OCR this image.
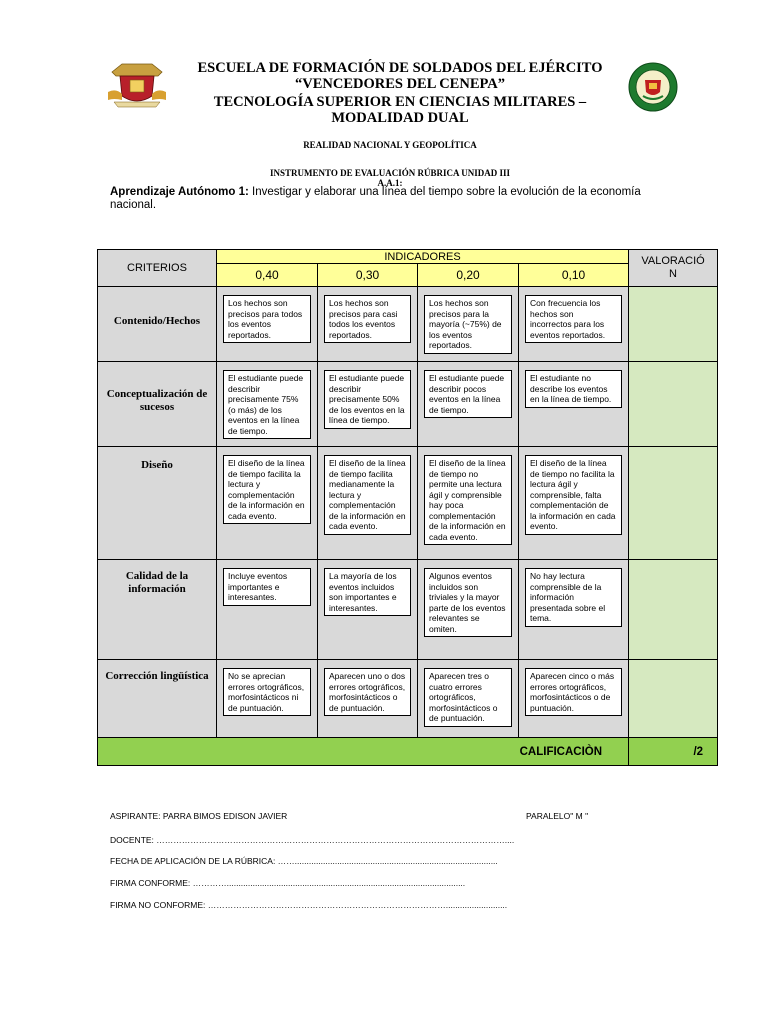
ESCUELA DE FORMACIÓN DE SOLDADOS DEL EJÉRCITO
“VENCEDORES DEL CENEPA”
TECNOLOGÍA SUPERIOR EN CIENCIAS MILITARES –
MODALIDAD DUAL
REALIDAD NACIONAL Y GEOPOLÍTICA
INSTRUMENTO DE EVALUACIÓN RÚBRICA UNIDAD III
A.A.1:
Aprendizaje Autónomo 1: Investigar y elaborar una línea del tiempo sobre la evolución de la economía nacional.
CRITERIOS	INDICADORES				VALORACIÓ
N
	0,40	0,30	0,20	0,10	

Contenido/Hechos	Los hechos son precisos para todos los eventos reportados.	Los hechos son precisos para casi todos los eventos reportados.	Los hechos son precisos para la mayoría (~75%) de los eventos reportados.	Con frecuencia los hechos son incorrectos para los eventos reportados.	

Conceptualización de sucesos	El estudiante puede describir precisamente 75% (o más) de los eventos en la línea de tiempo.	El estudiante puede describir precisamente 50% de los eventos en la línea de tiempo.	El estudiante puede describir pocos eventos en la línea de tiempo.	El estudiante no describe los eventos en la línea de tiempo.	

Diseño	El diseño de la línea de tiempo facilita la lectura y complementación de la información en cada evento.	El diseño de la línea de tiempo facilita medianamente la lectura y complementación de la información en cada evento.	El diseño de la línea de tiempo no permite una lectura ágil y comprensible hay poca complementación de la información en cada evento.	El diseño de la línea de tiempo no facilita la lectura ágil y comprensible, falta complementación de la información en cada evento.	

Calidad de la información	Incluye eventos importantes e interesantes.	La mayoría de los eventos incluidos son importantes e interesantes.	Algunos eventos incluidos son triviales y la mayor parte de los eventos relevantes se omiten.	No hay lectura comprensible de la información presentada sobre el tema.	

Corrección lingüística	No se aprecian errores ortográficos, morfosintácticos ni de puntuación.	Aparecen uno o dos errores ortográficos, morfosintácticos o de puntuación.	Aparecen tres o cuatro errores ortográficos, morfosintácticos o de puntuación.	Aparecen cinco o más errores ortográficos, morfosintácticos o de puntuación.	

CALIFICACIÒN					/2
ASPIRANTE: PARRA BIMOS EDISON JAVIER	PARALELO" M "
DOCENTE: ……………………………………………………………………………………………………………....
FECHA DE APLICACIÓN DE LA RÚBRICA: ……......................................................................................
FIRMA CONFORME: ………….....................................................................................................
FIRMA NO CONFORME: …………………………………………………………………………..........................
